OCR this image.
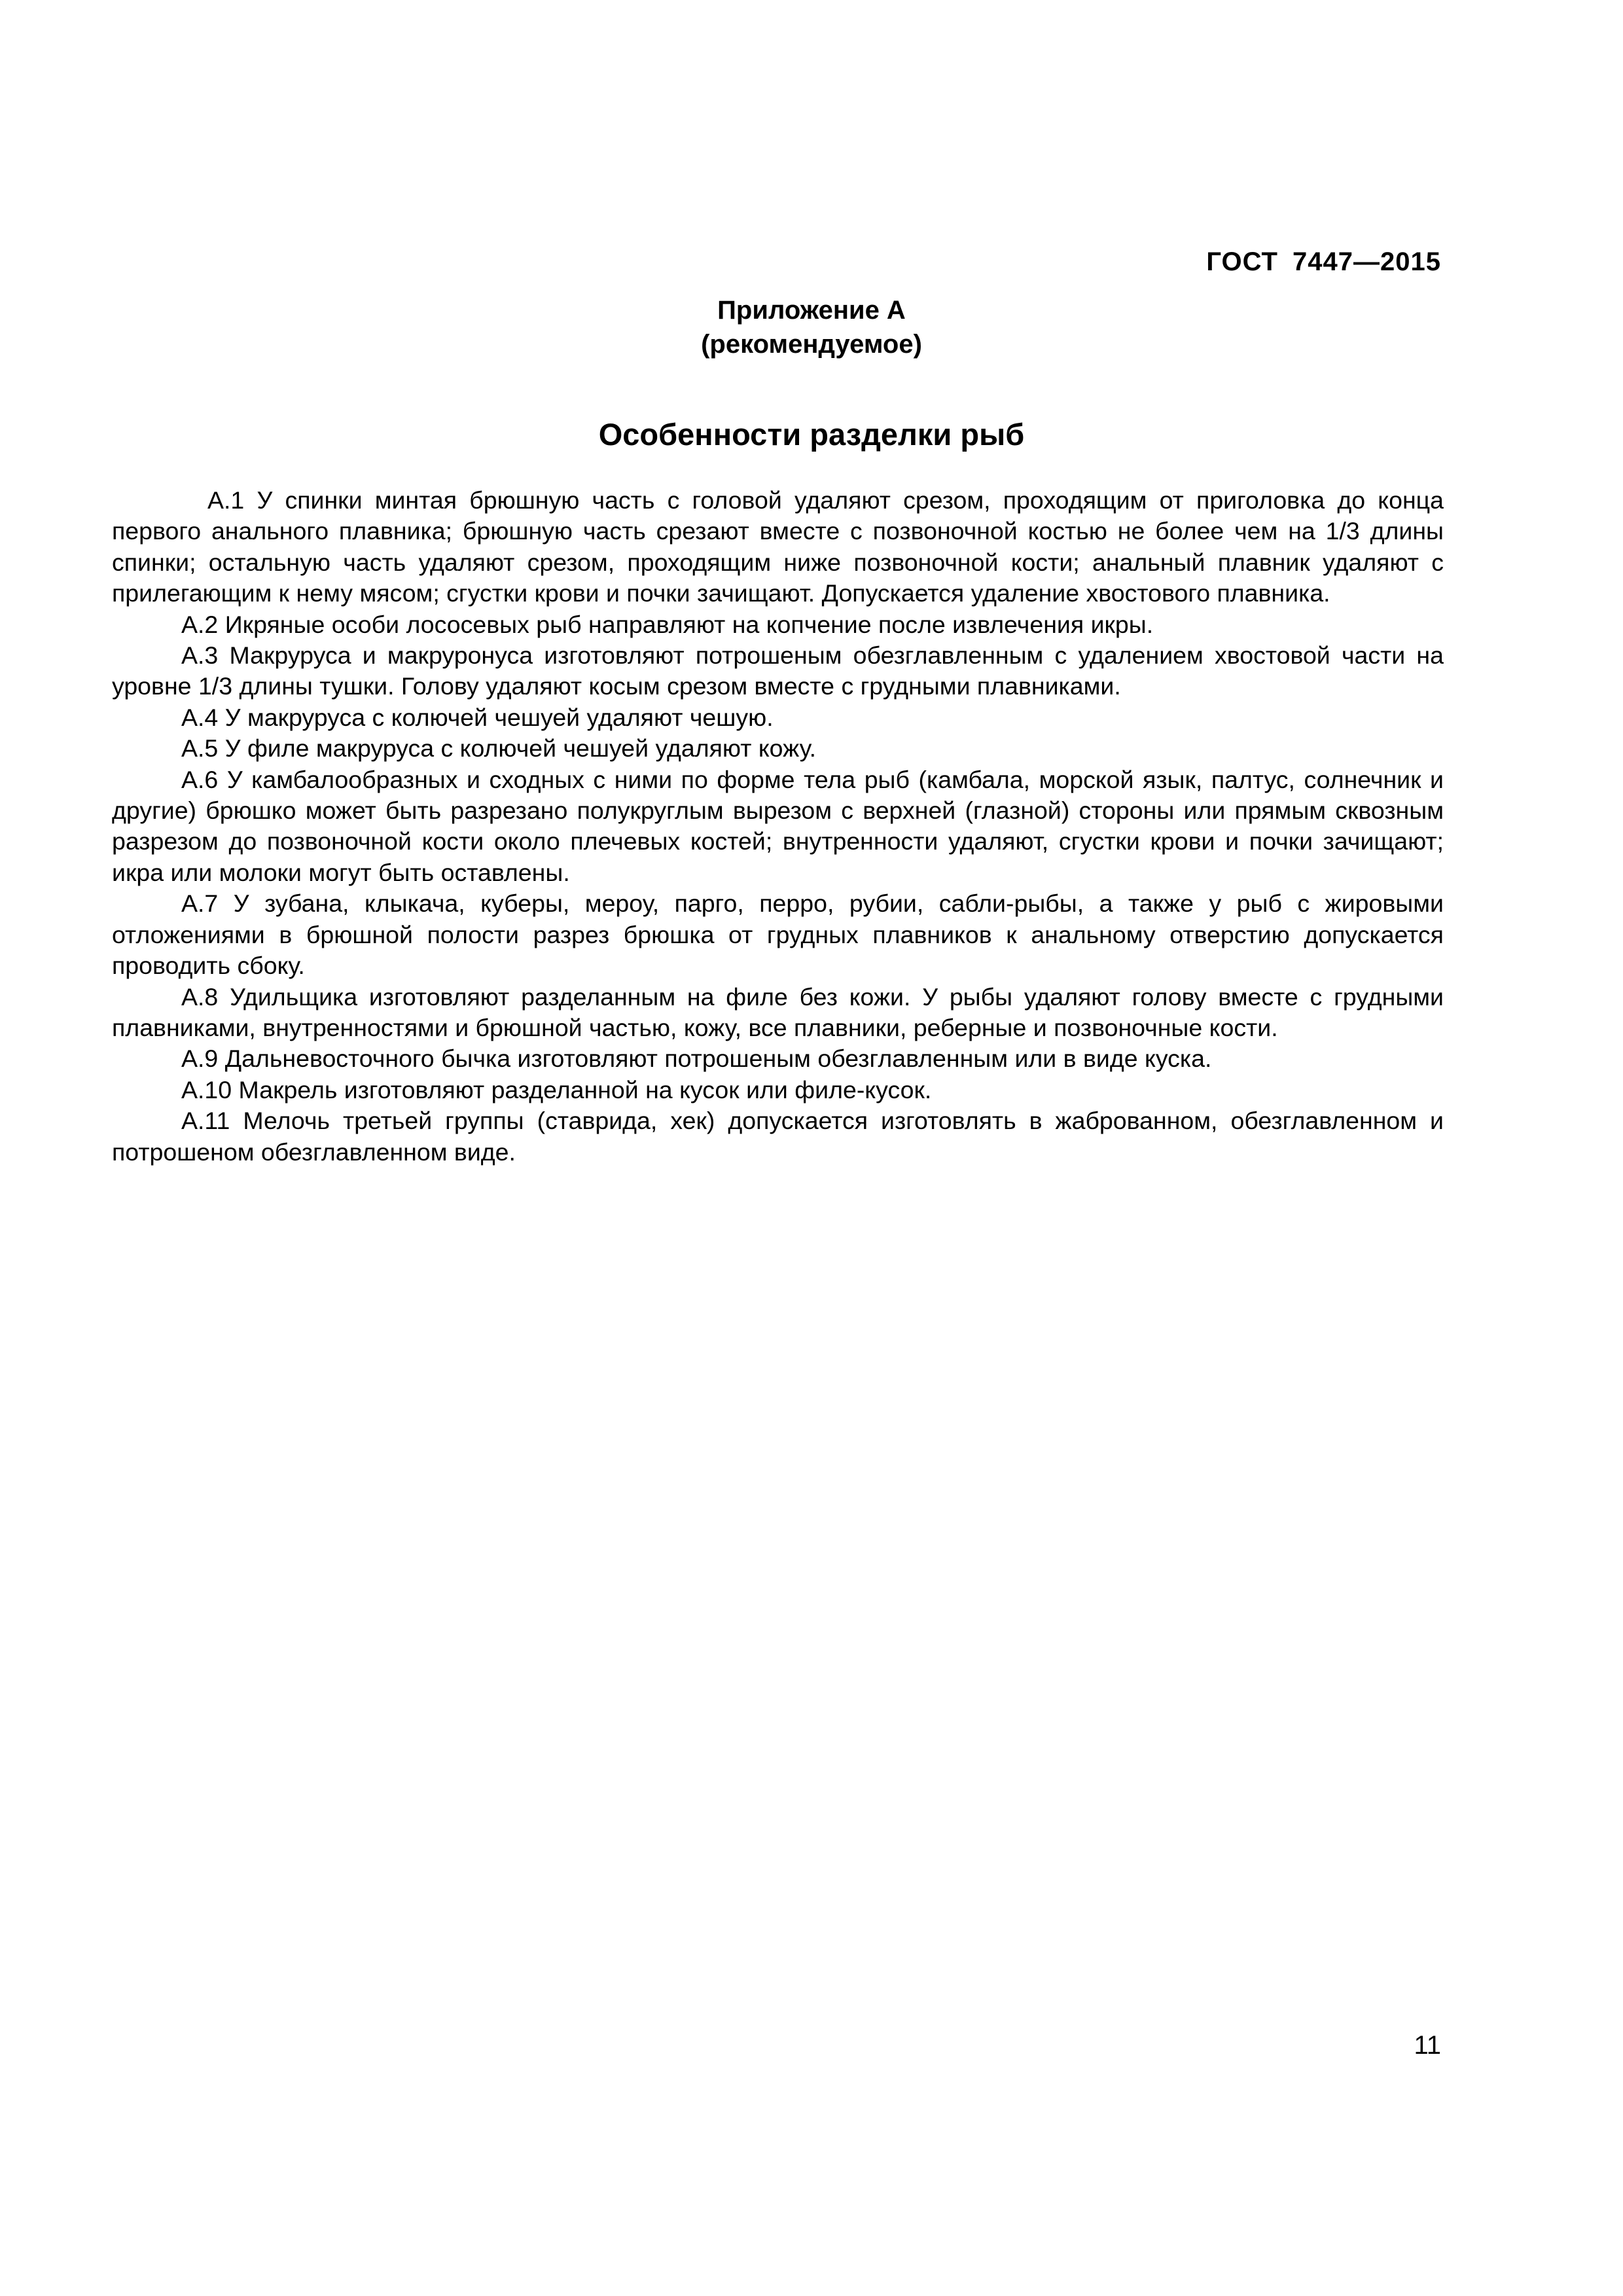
ГОСТ 7447—2015
Приложение А
(рекомендуемое)
Особенности разделки рыб

А.1 У спинки минтая брюшную часть с головой удаляют срезом, проходящим от приголовка до конца первого анального плавника; брюшную часть срезают вместе с позвоночной костью не более чем на 1/3 длины спинки; остальную часть удаляют срезом, проходящим ниже позвоночной кости; анальный плавник удаляют с прилегающим к нему мясом; сгустки крови и почки зачищают. Допускается удаление хвостового плавника.

А.2 Икряные особи лососевых рыб направляют на копчение после извлечения икры.

А.3 Макруруса и макруронуса изготовляют потрошеным обезглавленным с удалением хвостовой части на уровне 1/3 длины тушки. Голову удаляют косым срезом вместе с грудными плавниками.

А.4 У макруруса с колючей чешуей удаляют чешую.

А.5 У филе макруруса с колючей чешуей удаляют кожу.

А.6 У камбалообразных и сходных с ними по форме тела рыб (камбала, морской язык, палтус, солнечник и другие) брюшко может быть разрезано полукруглым вырезом с верхней (глазной) стороны или прямым сквозным разрезом до позвоночной кости около плечевых костей; внутренности удаляют, сгустки крови и почки зачищают; икра или молоки могут быть оставлены.

А.7 У зубана, клыкача, куберы, мероу, парго, перро, рубии, сабли-рыбы, а также у рыб с жировыми отложениями в брюшной полости разрез брюшка от грудных плавников к анальному отверстию допускается проводить сбоку.

А.8 Удильщика изготовляют разделанным на филе без кожи. У рыбы удаляют голову вместе с грудными плавниками, внутренностями и брюшной частью, кожу, все плавники, реберные и позвоночные кости.

А.9 Дальневосточного бычка изготовляют потрошеным обезглавленным или в виде куска.

А.10 Макрель изготовляют разделанной на кусок или филе-кусок.

А.11 Мелочь третьей группы (ставрида, хек) допускается изготовлять в жаброванном, обезглавленном и потрошеном обезглавленном виде.

11
